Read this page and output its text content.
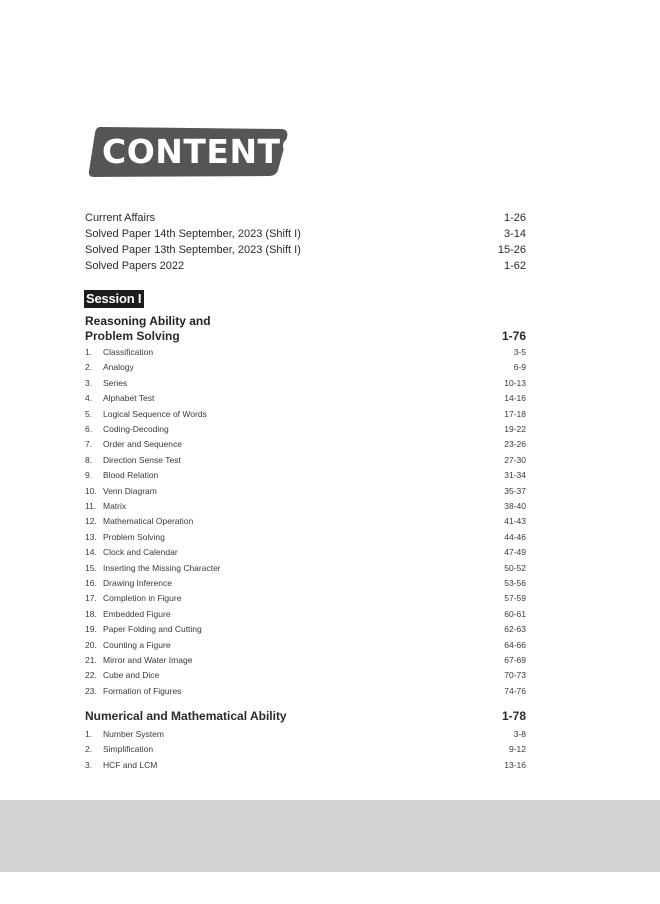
CONTENTS
Current Affairs	1-26
Solved Paper 14th September, 2023 (Shift I)	3-14
Solved Paper 13th September, 2023 (Shift I)	15-26
Solved Papers 2022	1-62
Session I
Reasoning Ability and
Problem Solving	1-76
1.	Classification	3-5
2.	Analogy	6-9
3.	Series	10-13
4.	Alphabet Test	14-16
5.	Logical Sequence of Words	17-18
6.	Coding-Decoding	19-22
7.	Order and Sequence	23-26
8.	Direction Sense Test	27-30
9.	Blood Relation	31-34
10. Venn Diagram	35-37
11. Matrix	38-40
12. Mathematical Operation	41-43
13. Problem Solving	44-46
14. Clock and Calendar	47-49
15. Inserting the Missing Character	50-52
16. Drawing Inference	53-56
17. Completion in Figure	57-59
18. Embedded Figure	60-61
19. Paper Folding and Cutting	62-63
20. Counting a Figure	64-66
21. Mirror and Water Image	67-69
22. Cube and Dice	70-73
23. Formation of Figures	74-76
Numerical and Mathematical Ability	1-78
1.	Number System	3-8
2.	Simplification	9-12
3.	HCF and LCM	13-16
